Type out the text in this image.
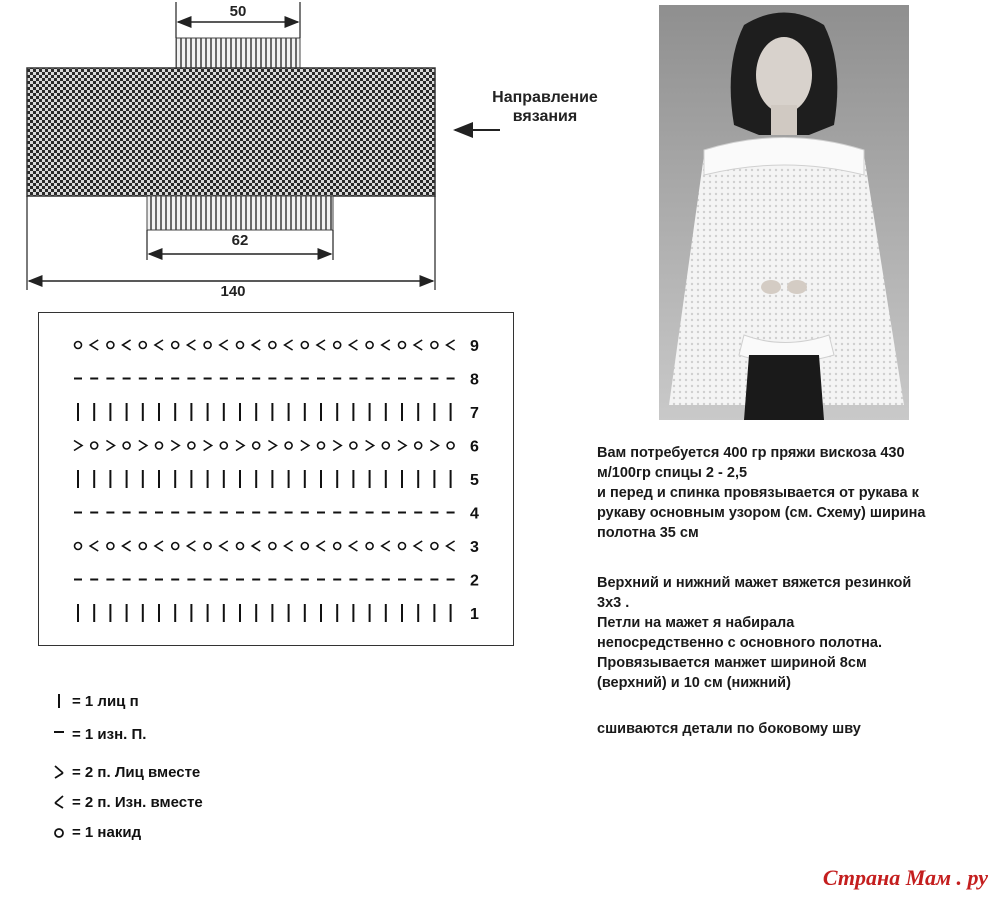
50
62
140
Направление
вязания
1
2
3
4
5
6
7
8
9
= 1 лиц п
= 1 изн. П.
= 2 п. Лиц вместе
= 2 п. Изн. вместе
= 1 накид

Вам потребуется 400 гр пряжи вискоза 430
м/100гр спицы 2 - 2,5
и перед и спинка провязывается от рукава к
рукаву основным узором (см. Схему) ширина
полотна 35 см

Верхний и нижний мажет вяжется резинкой
3х3 .
Петли на мажет я набирала
непосредственно с основного полотна.
Провязывается манжет шириной 8см
(верхний) и 10 см (нижний)

сшиваются детали по боковому шву

Страна Мам . ру
